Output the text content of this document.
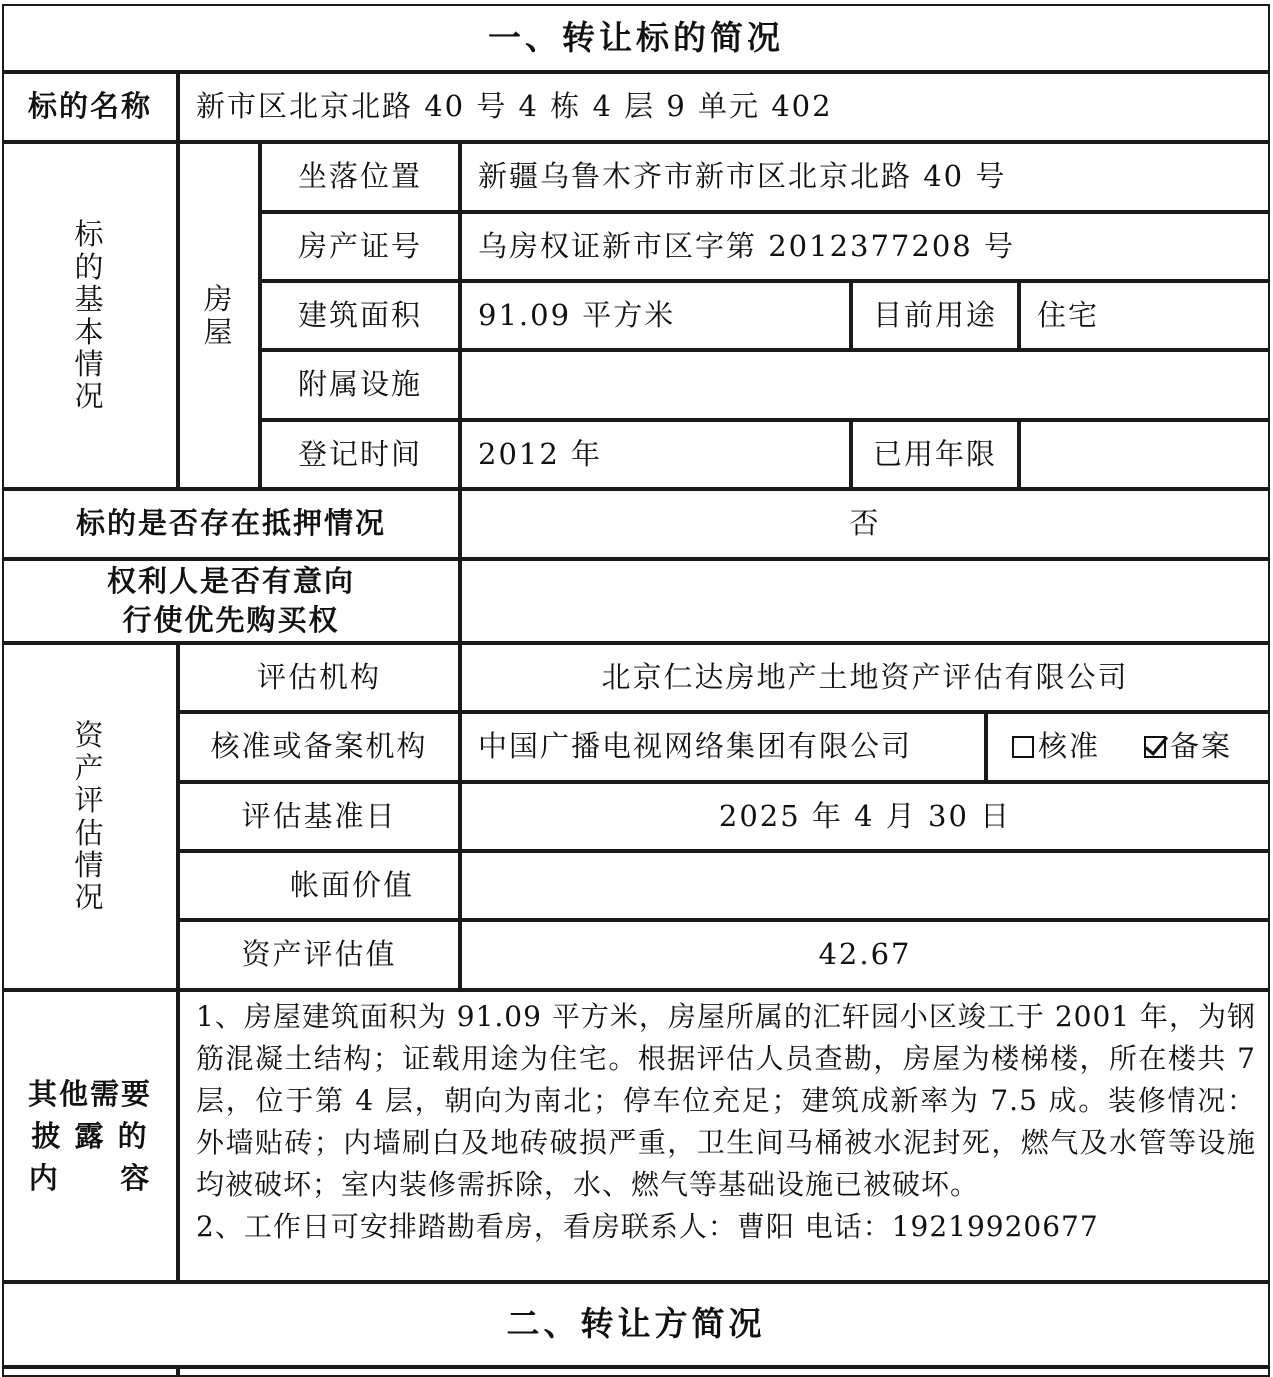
一、转让标的简况
标的名称	新市区北京北路 40 号 4 栋 4 层 9 单元 402
标
的
基
本
情
况
房
屋
坐落位置	新疆乌鲁木齐市新市区北京北路 40 号
房产证号	乌房权证新市区字第 2012377208 号
建筑面积	91.09 平方米	目前用途	住宅
附属设施
登记时间	2012 年	已用年限
标的是否存在抵押情况	否
权利人是否有意向
行使优先购买权
资
产
评
估
情
况
评估机构	北京仁达房地产土地资产评估有限公司
核准或备案机构	中国广播电视网络集团有限公司	核准 备案
评估基准日	2025 年 4 月 30 日
帐面价值
资产评估值	42.67
其他需要
披 露 的
内     容

1、房屋建筑面积为 91.09 平方米，房屋所属的汇轩园小区竣工于 2001 年，为钢筋混凝土结构；证载用途为住宅。根据评估人员查勘，房屋为楼梯楼，所在楼共 7 层，位于第 4 层，朝向为南北；停车位充足；建筑成新率为 7.5 成。装修情况：外墙贴砖；内墙刷白及地砖破损严重，卫生间马桶被水泥封死，燃气及水管等设施均被破坏；室内装修需拆除，水、燃气等基础设施已被破坏。

2、工作日可安排踏勘看房，看房联系人：曹阳 电话：19219920677

二、转让方简况
